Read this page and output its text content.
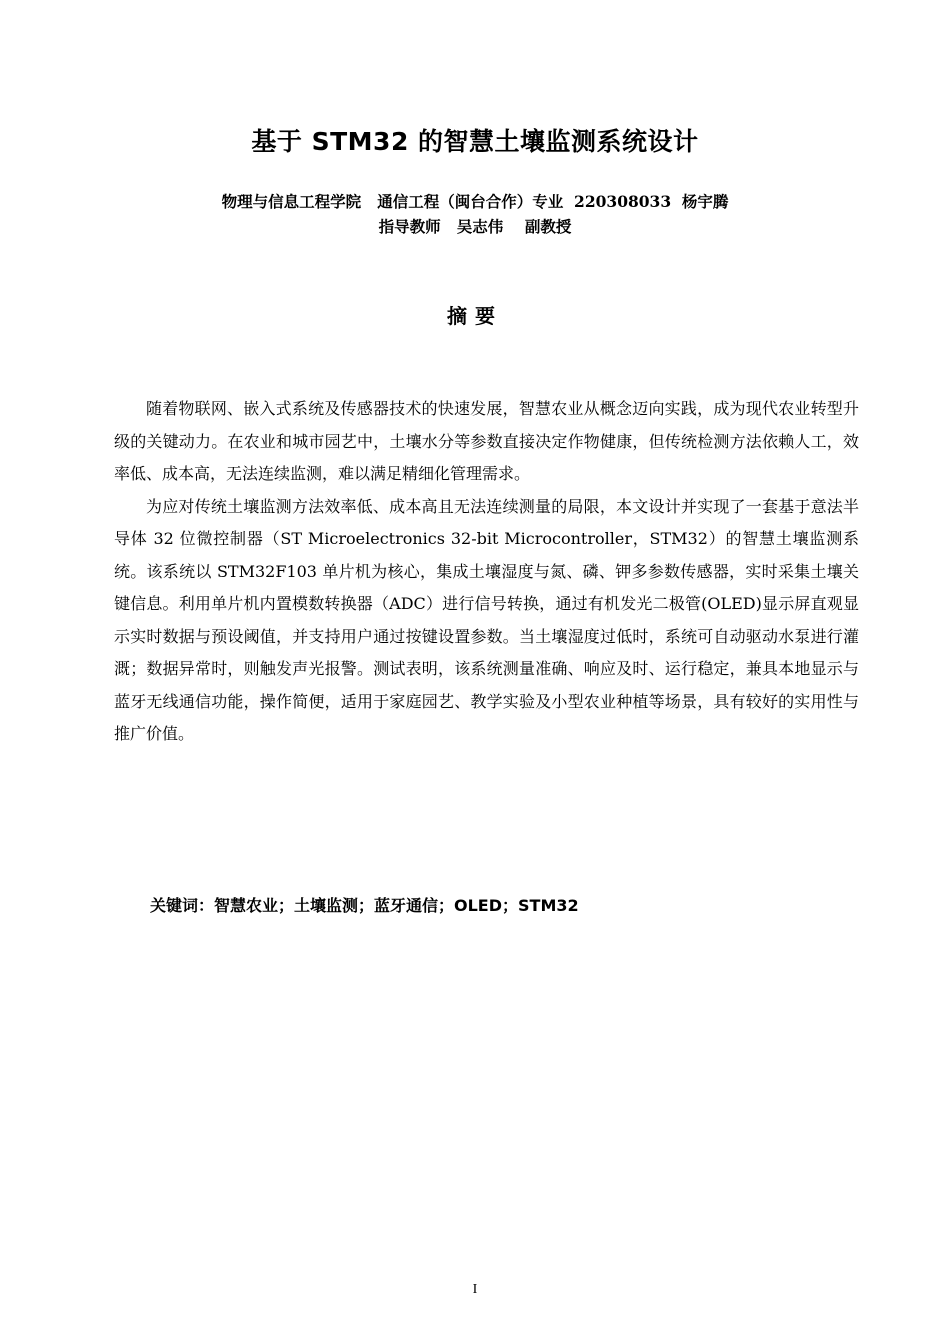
基于 STM32 的智慧土壤监测系统设计
物理与信息工程学院   通信工程（闽台合作）专业  220308033  杨宇腾
指导教师   吴志伟    副教授
摘要

随着物联网、嵌入式系统及传感器技术的快速发展，智慧农业从概念迈向实践，成为现代农业转型升级的关键动力。在农业和城市园艺中，土壤水分等参数直接决定作物健康，但传统检测方法依赖人工，效率低、成本高，无法连续监测，难以满足精细化管理需求。

为应对传统土壤监测方法效率低、成本高且无法连续测量的局限，本文设计并实现了一套基于意法半导体 32 位微控制器（ST Microelectronics 32-bit Microcontroller，STM32）的智慧土壤监测系统。该系统以 STM32F103 单片机为核心，集成土壤湿度与氮、磷、钾多参数传感器，实时采集土壤关键信息。利用单片机内置模数转换器（ADC）进行信号转换，通过有机发光二极管(OLED)显示屏直观显示实时数据与预设阈值，并支持用户通过按键设置参数。当土壤湿度过低时，系统可自动驱动水泵进行灌溉；数据异常时，则触发声光报警。测试表明，该系统测量准确、响应及时、运行稳定，兼具本地显示与蓝牙无线通信功能，操作简便，适用于家庭园艺、教学实验及小型农业种植等场景，具有较好的实用性与推广价值。

关键词：智慧农业；土壤监测；蓝牙通信；OLED；STM32
I
